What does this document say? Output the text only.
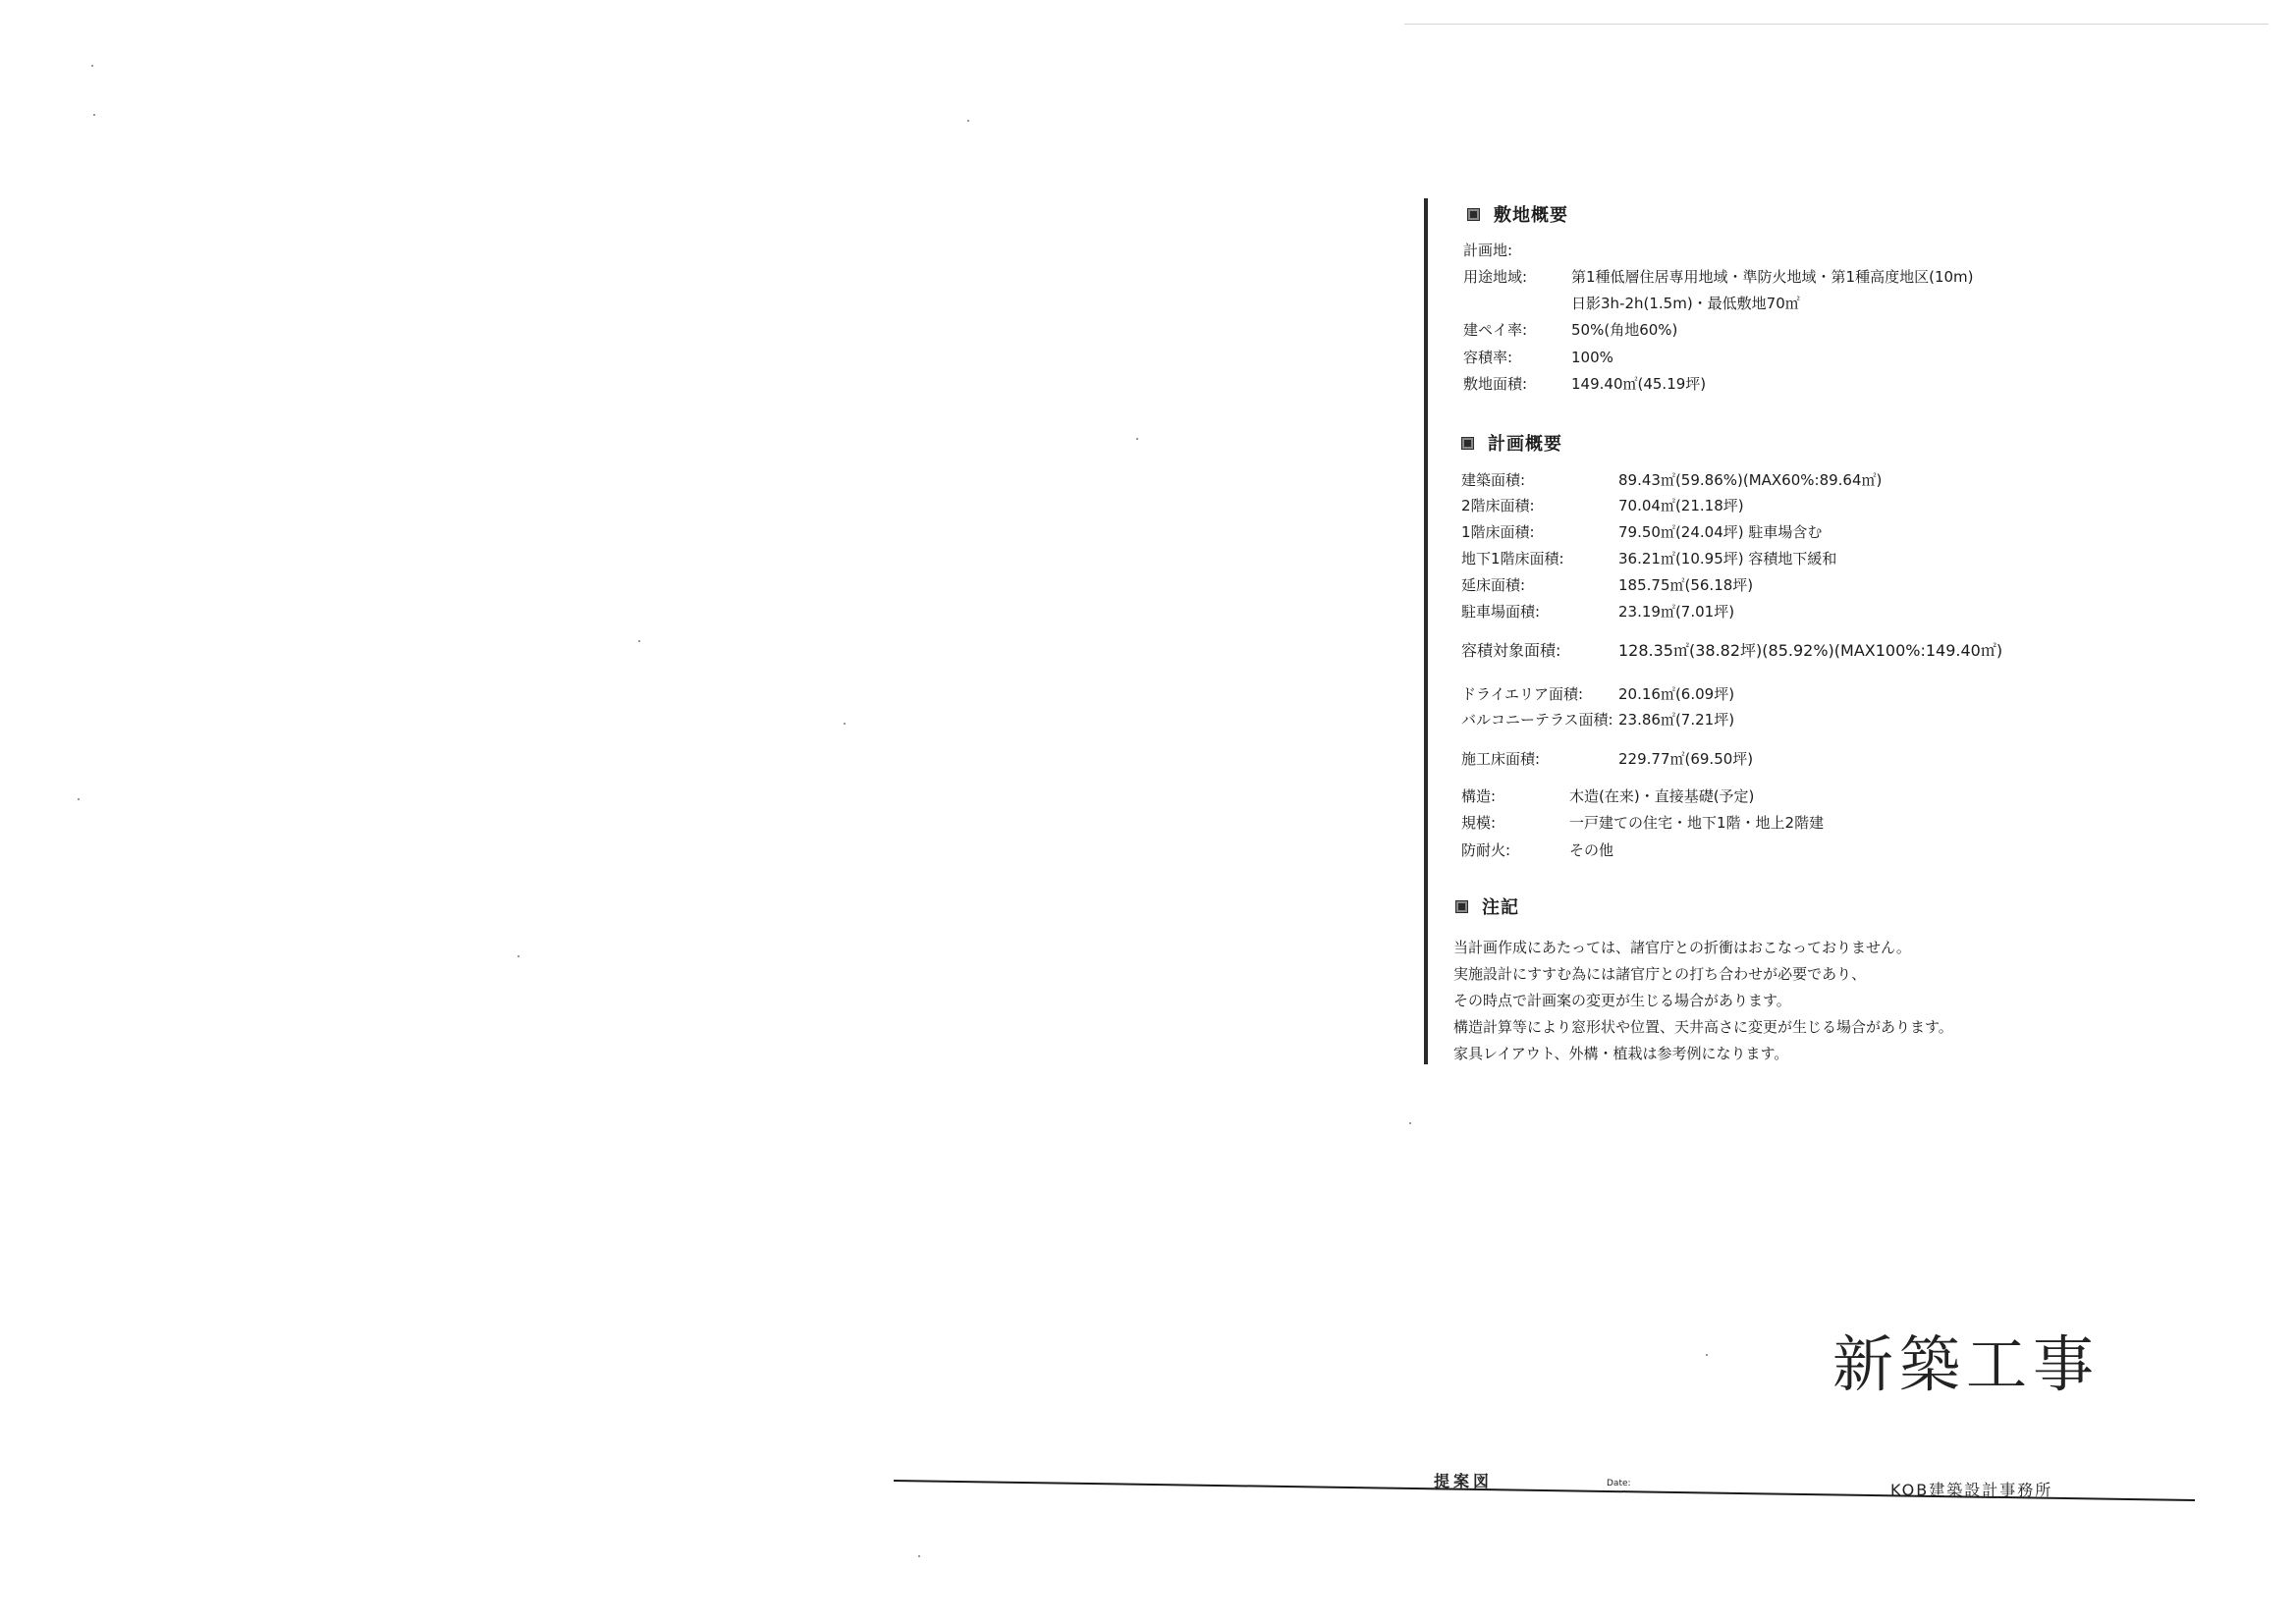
敷地概要
計画地:
用途地域:	第1種低層住居専用地域・準防火地域・第1種高度地区(10m)
日影3h-2h(1.5m)・最低敷地70㎡
建ペイ率:	50%(角地60%)
容積率:	100%
敷地面積:	149.40㎡(45.19坪)
計画概要
建築面積:	89.43㎡(59.86%)(MAX60%:89.64㎡)
2階床面積:	70.04㎡(21.18坪)
1階床面積:	79.50㎡(24.04坪) 駐車場含む
地下1階床面積:	36.21㎡(10.95坪) 容積地下緩和
延床面積:	185.75㎡(56.18坪)
駐車場面積:	23.19㎡(7.01坪)
容積対象面積:	128.35㎡(38.82坪)(85.92%)(MAX100%:149.40㎡)
ドライエリア面積: 20.16㎡(6.09坪)
バルコニーテラス面積: 23.86㎡(7.21坪)
施工床面積:	229.77㎡(69.50坪)
構造:	木造(在来)・直接基礎(予定)
規模:	一戸建ての住宅・地下1階・地上2階建
防耐火:	その他
注記
当計画作成にあたっては、諸官庁との折衝はおこなっておりません。
実施設計にすすむ為には諸官庁との打ち合わせが必要であり、
その時点で計画案の変更が生じる場合があります。
構造計算等により窓形状や位置、天井高さに変更が生じる場合があります。
家具レイアウト、外構・植栽は参考例になります。
新築工事
提案図	Date:	KOB建築設計事務所
